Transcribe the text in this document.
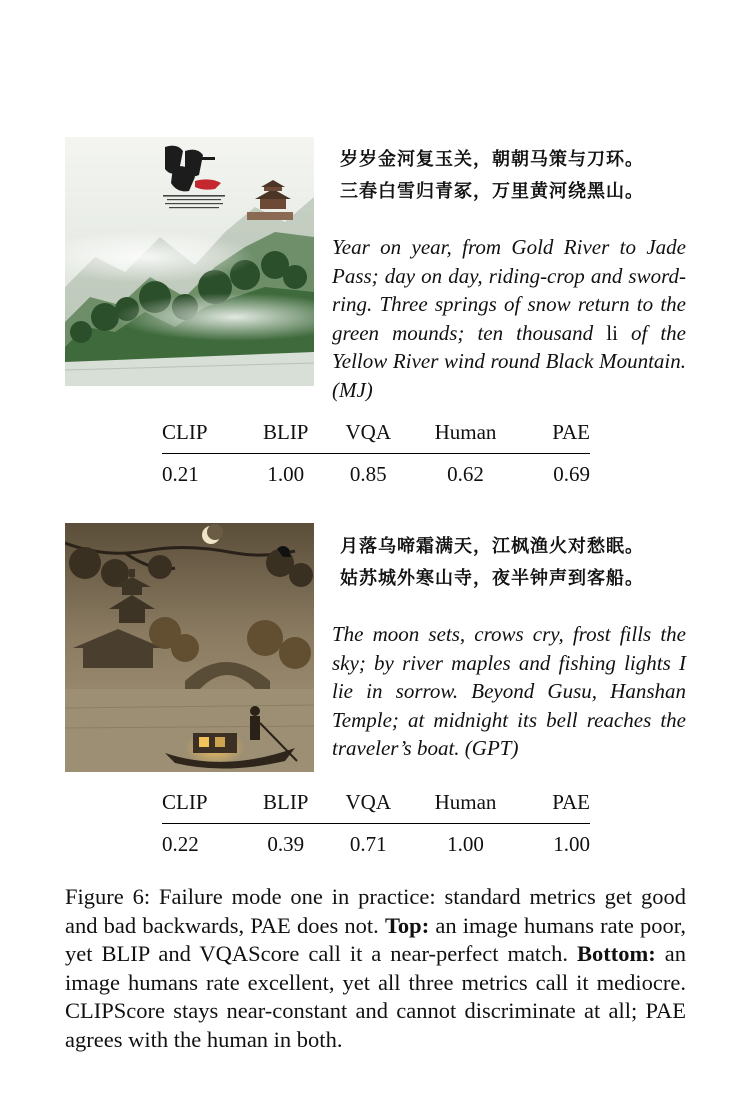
岁岁金河复玉关，朝朝马策与刀环。
三春白雪归青冢，万里黄河绕黑山。
Year on year, from Gold River to Jade Pass; day on day, riding-crop and sword-ring. Three springs of snow return to the green mounds; ten thousand li of the Yellow River wind round Black Mountain. (MJ)
CLIP	BLIP	VQA	Human	PAE
0.21	1.00	0.85	0.62	0.69
月落乌啼霜满天，江枫渔火对愁眠。
姑苏城外寒山寺，夜半钟声到客船。
The moon sets, crows cry, frost fills the sky; by river maples and fishing lights I lie in sorrow. Beyond Gusu, Hanshan Temple; at midnight its bell reaches the traveler’s boat. (GPT)
CLIP	BLIP	VQA	Human	PAE
0.22	0.39	0.71	1.00	1.00
Figure 6: Failure mode one in practice: standard metrics get good and bad backwards, PAE does not. Top: an image humans rate poor, yet BLIP and VQAScore call it a near-perfect match. Bottom: an image humans rate excellent, yet all three metrics call it mediocre. CLIPScore stays near-constant and cannot discriminate at all; PAE agrees with the human in both.
